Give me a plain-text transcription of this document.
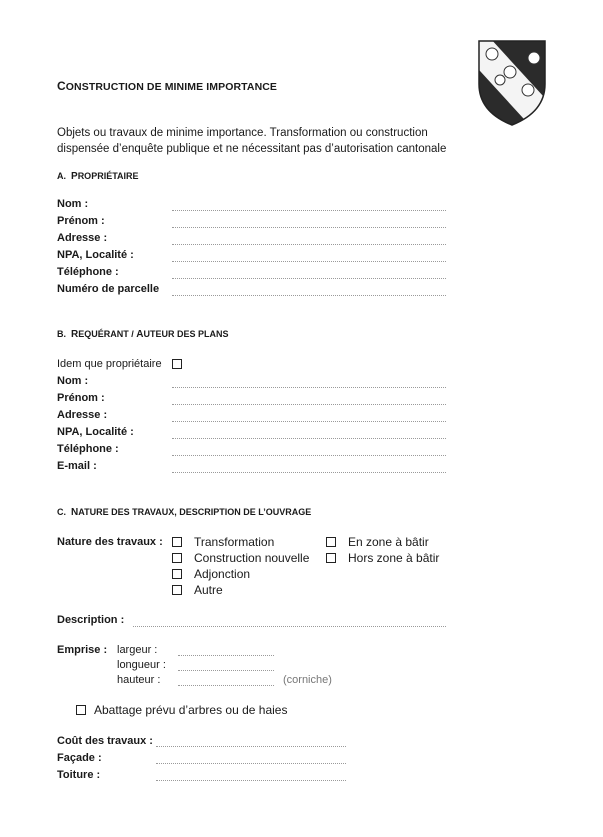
CONSTRUCTION DE MINIME IMPORTANCE
Objets ou travaux de minime importance. Transformation ou construction
dispensée d’enquête publique et ne nécessitant pas d’autorisation cantonale
A. PROPRIÉTAIRE
Nom :
Prénom :
Adresse :
NPA, Localité :
Téléphone :
Numéro de parcelle
B. REQUÉRANT / AUTEUR DES PLANS
Idem que propriétaire
Nom :
Prénom :
Adresse :
NPA, Localité :
Téléphone :
E-mail :
C. NATURE DES TRAVAUX, DESCRIPTION DE L’OUVRAGE
Nature des travaux :	Transformation
Construction nouvelle
Adjonction
Autre
En zone à bâtir
Hors zone à bâtir
Description :
Emprise : largeur :
longueur :
hauteur :	(corniche)
Abattage prévu d’arbres ou de haies
Coût des travaux :
Façade :
Toiture :
